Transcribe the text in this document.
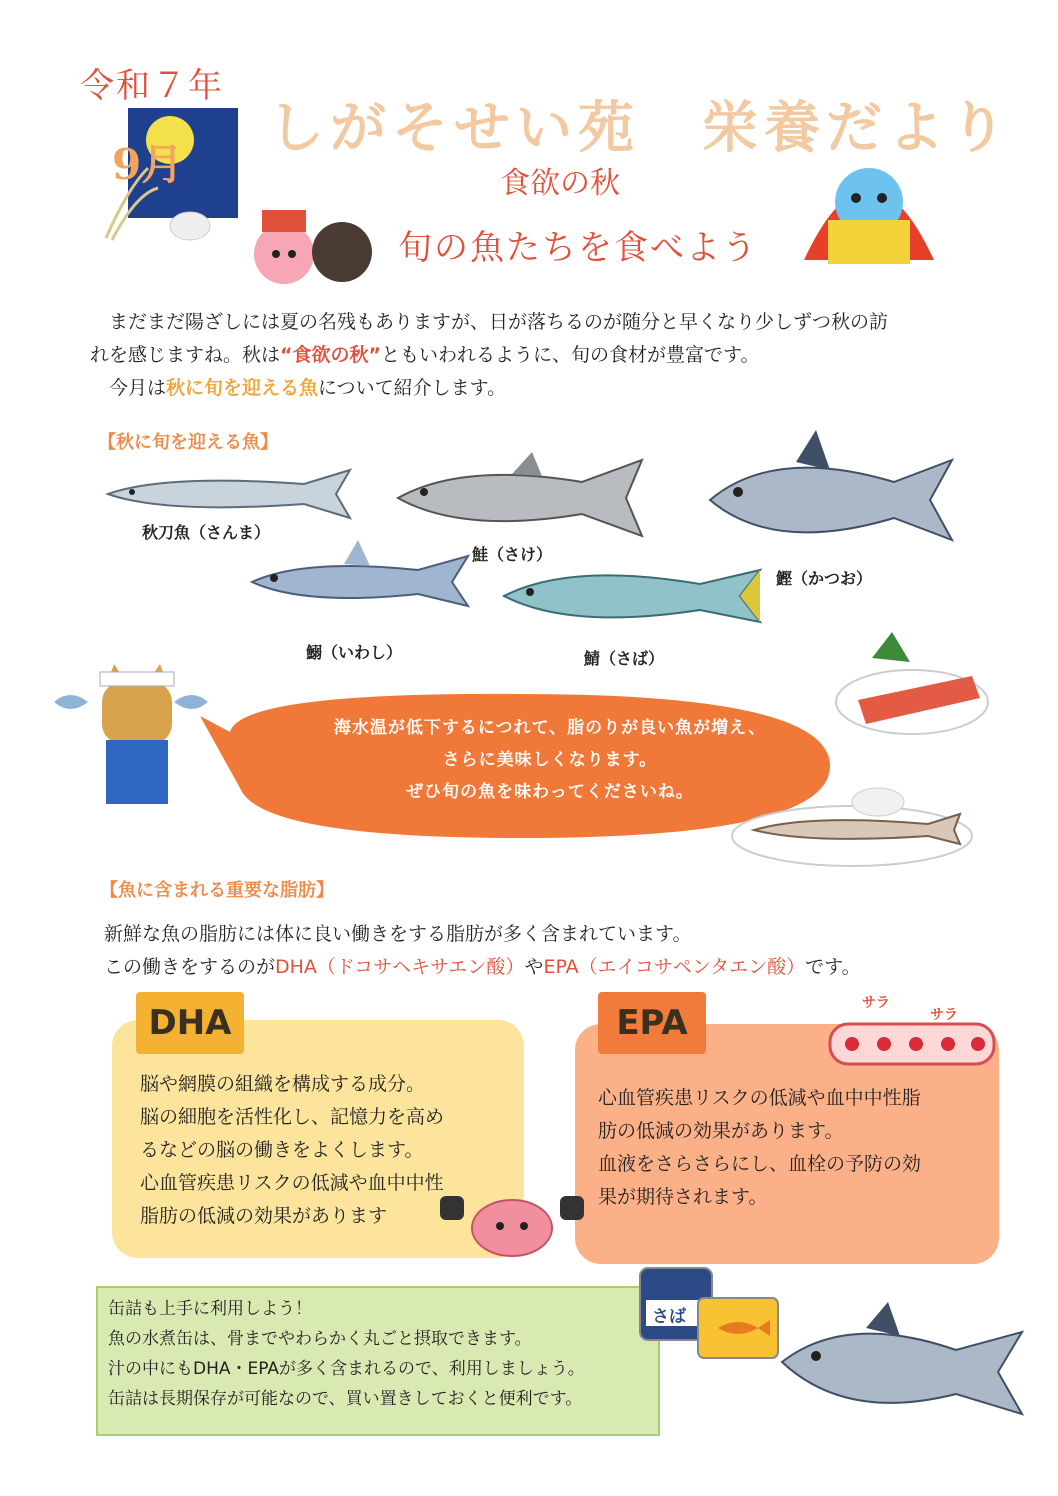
令和７年
9月
しがそせい苑　栄養だより
食欲の秋
旬の魚たちを食べよう
まだまだ陽ざしには夏の名残もありますが、日が落ちるのが随分と早くなり少しずつ秋の訪
れを感じますね。秋は“食欲の秋”ともいわれるように、旬の食材が豊富です。
今月は秋に旬を迎える魚について紹介します。
【秋に旬を迎える魚】
秋刀魚（さんま）
鮭（さけ）
鰹（かつお）
鰯（いわし）	鯖（さば）
海水温が低下するにつれて、脂のりが良い魚が増え、
さらに美味しくなります。
ぜひ旬の魚を味わってくださいね。
【魚に含まれる重要な脂肪】
新鮮な魚の脂肪には体に良い働きをする脂肪が多く含まれています。
この働きをするのがDHA（ドコサヘキサエン酸）やEPA（エイコサペンタエン酸）です。
DHA
脳や網膜の組織を構成する成分。
脳の細胞を活性化し、記憶力を高め
るなどの脳の働きをよくします。
心血管疾患リスクの低減や血中中性
脂肪の低減の効果があります
EPA	サラ
サラ
心血管疾患リスクの低減や血中中性脂
肪の低減の効果があります。
血液をさらさらにし、血栓の予防の効
果が期待されます。
缶詰も上手に利用しよう！
魚の水煮缶は、骨までやわらかく丸ごと摂取できます。
汁の中にもDHA・EPAが多く含まれるので、利用しましょう。
缶詰は長期保存が可能なので、買い置きしておくと便利です。
さば
